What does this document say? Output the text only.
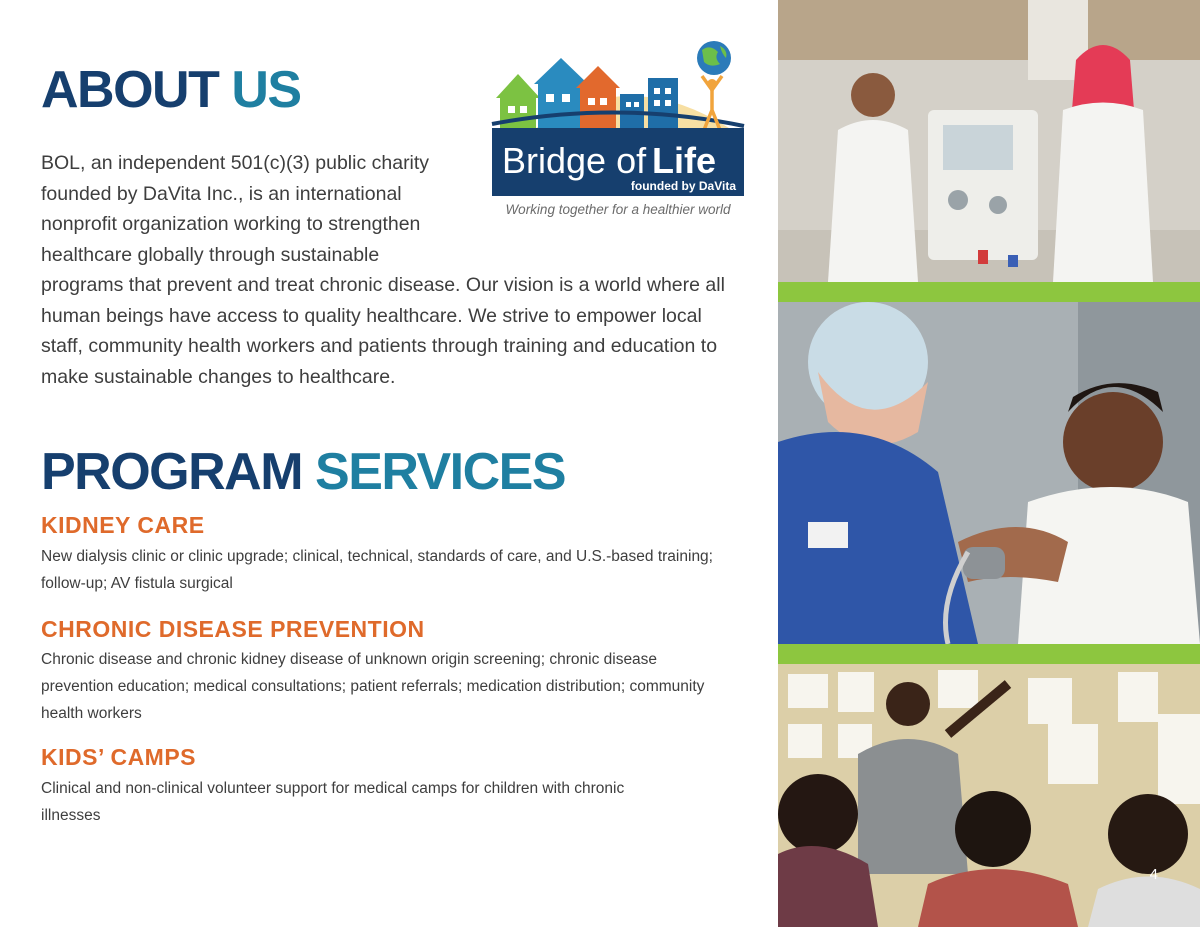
ABOUT US

BOL, an independent 501(c)(3) public charity founded by DaVita Inc., is an international nonprofit organization working to strengthen healthcare globally through sustainable programs that prevent and treat chronic disease. Our vision is a world where all human beings have access to quality healthcare. We strive to empower local staff, community health workers and patients through training and education to make sustainable changes to healthcare.

Bridge of Life
founded by DaVita
Working together for a healthier world
PROGRAM SERVICES
KIDNEY CARE

New dialysis clinic or clinic upgrade; clinical, technical, standards of care, and U.S.-based training; follow-up; AV fistula surgical

CHRONIC DISEASE PREVENTION

Chronic disease and chronic kidney disease of unknown origin screening; chronic disease prevention education; medical consultations; patient referrals; medication distribution; community health workers

KIDS’ CAMPS

Clinical and non-clinical volunteer support for medical camps for children with chronic illnesses

4
